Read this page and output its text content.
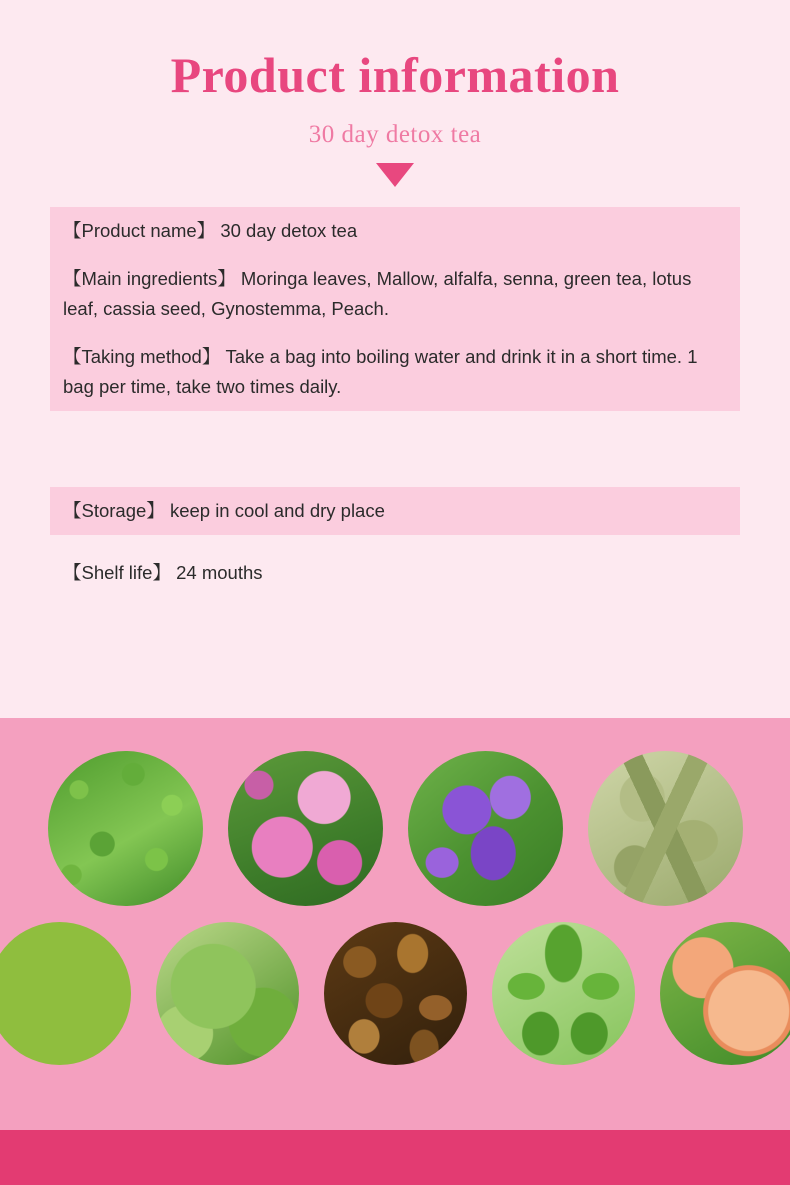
Product information
30 day detox tea
【Product name】 30 day detox tea
【Main ingredients】 Moringa leaves, Mallow, alfalfa, senna, green tea, lotus leaf, cassia seed, Gynostemma, Peach.
【Taking method】 Take a bag into boiling water and drink it in a short time. 1 bag per time, take two times daily.
【Storage】 keep in cool and dry place
【Shelf life】 24 mouths
